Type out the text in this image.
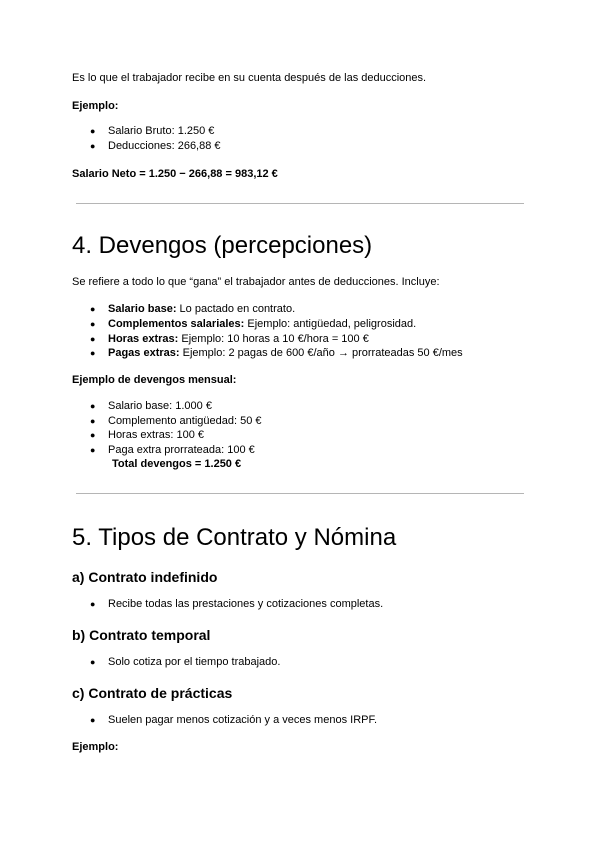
Es lo que el trabajador recibe en su cuenta después de las deducciones.
Ejemplo:
● Salario Bruto: 1.250 €
● Deducciones: 266,88 €
Salario Neto = 1.250 − 266,88 = 983,12 €
4. Devengos (percepciones)
Se refiere a todo lo que “gana” el trabajador antes de deducciones. Incluye:
● Salario base: Lo pactado en contrato.
● Complementos salariales: Ejemplo: antigüedad, peligrosidad.
● Horas extras: Ejemplo: 10 horas a 10 €/hora = 100 €
● Pagas extras: Ejemplo: 2 pagas de 600 €/año → prorrateadas 50 €/mes
Ejemplo de devengos mensual:
● Salario base: 1.000 €
● Complemento antigüedad: 50 €
● Horas extras: 100 €
● Paga extra prorrateada: 100 €
Total devengos = 1.250 €
5. Tipos de Contrato y Nómina
a) Contrato indefinido
● Recibe todas las prestaciones y cotizaciones completas.
b) Contrato temporal
● Solo cotiza por el tiempo trabajado.
c) Contrato de prácticas
● Suelen pagar menos cotización y a veces menos IRPF.
Ejemplo:
